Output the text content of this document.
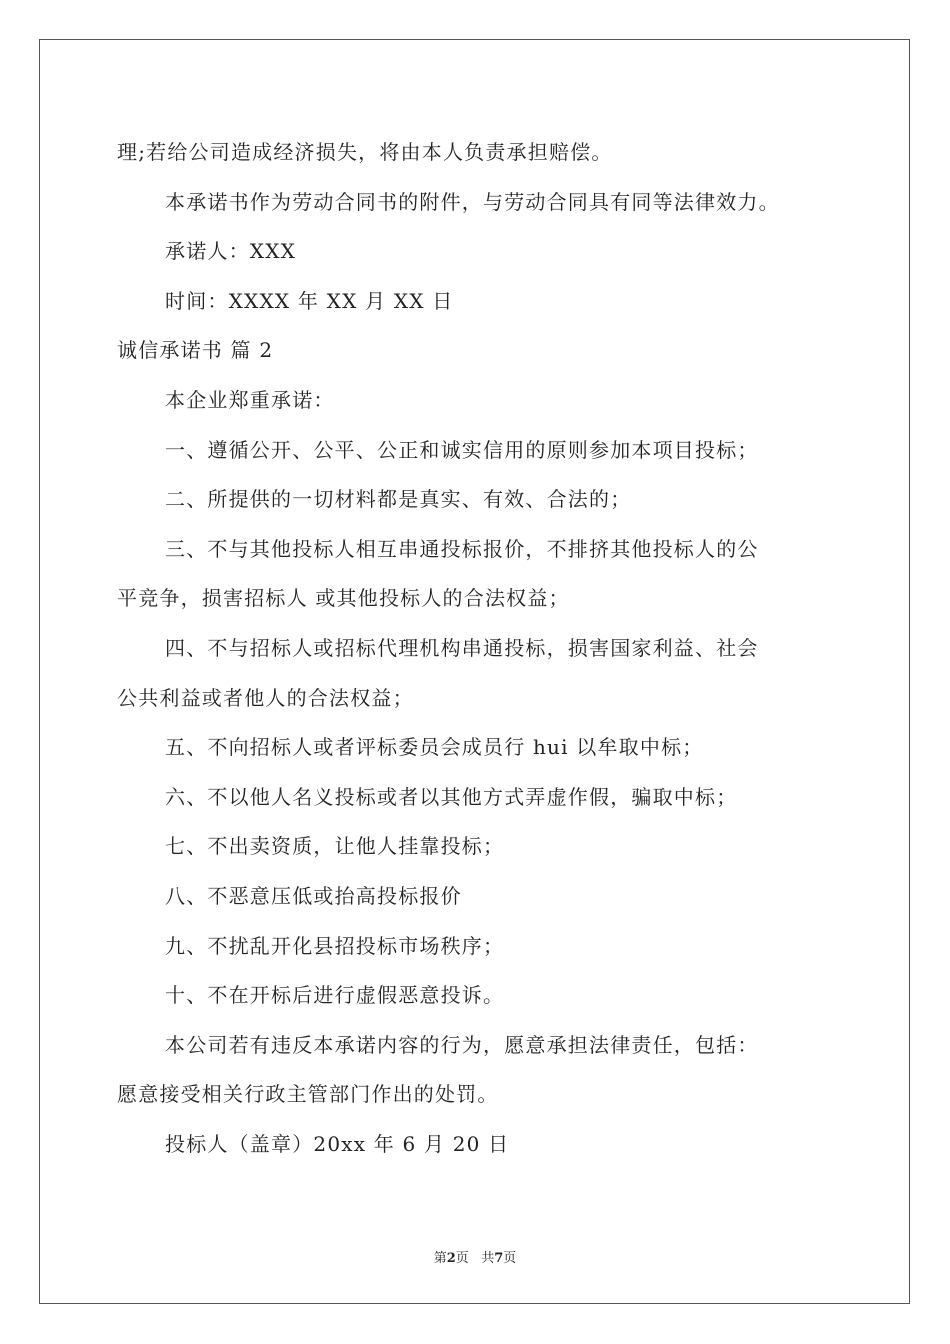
理;若给公司造成经济损失，将由本人负责承担赔偿。
本承诺书作为劳动合同书的附件，与劳动合同具有同等法律效力。
承诺人：XXX
时间：XXXX 年 XX 月 XX 日
诚信承诺书 篇 2
本企业郑重承诺：
一、遵循公开、公平、公正和诚实信用的原则参加本项目投标；
二、所提供的一切材料都是真实、有效、合法的；
三、不与其他投标人相互串通投标报价，不排挤其他投标人的公
平竞争，损害招标人 或其他投标人的合法权益；
四、不与招标人或招标代理机构串通投标，损害国家利益、社会
公共利益或者他人的合法权益；
五、不向招标人或者评标委员会成员行 hui 以牟取中标；
六、不以他人名义投标或者以其他方式弄虚作假，骗取中标；
七、不出卖资质，让他人挂靠投标；
八、不恶意压低或抬高投标报价
九、不扰乱开化县招投标市场秩序；
十、不在开标后进行虚假恶意投诉。
本公司若有违反本承诺内容的行为，愿意承担法律责任，包括：
愿意接受相关行政主管部门作出的处罚。
投标人（盖章）20xx 年 6 月 20 日
第2页   共7页
